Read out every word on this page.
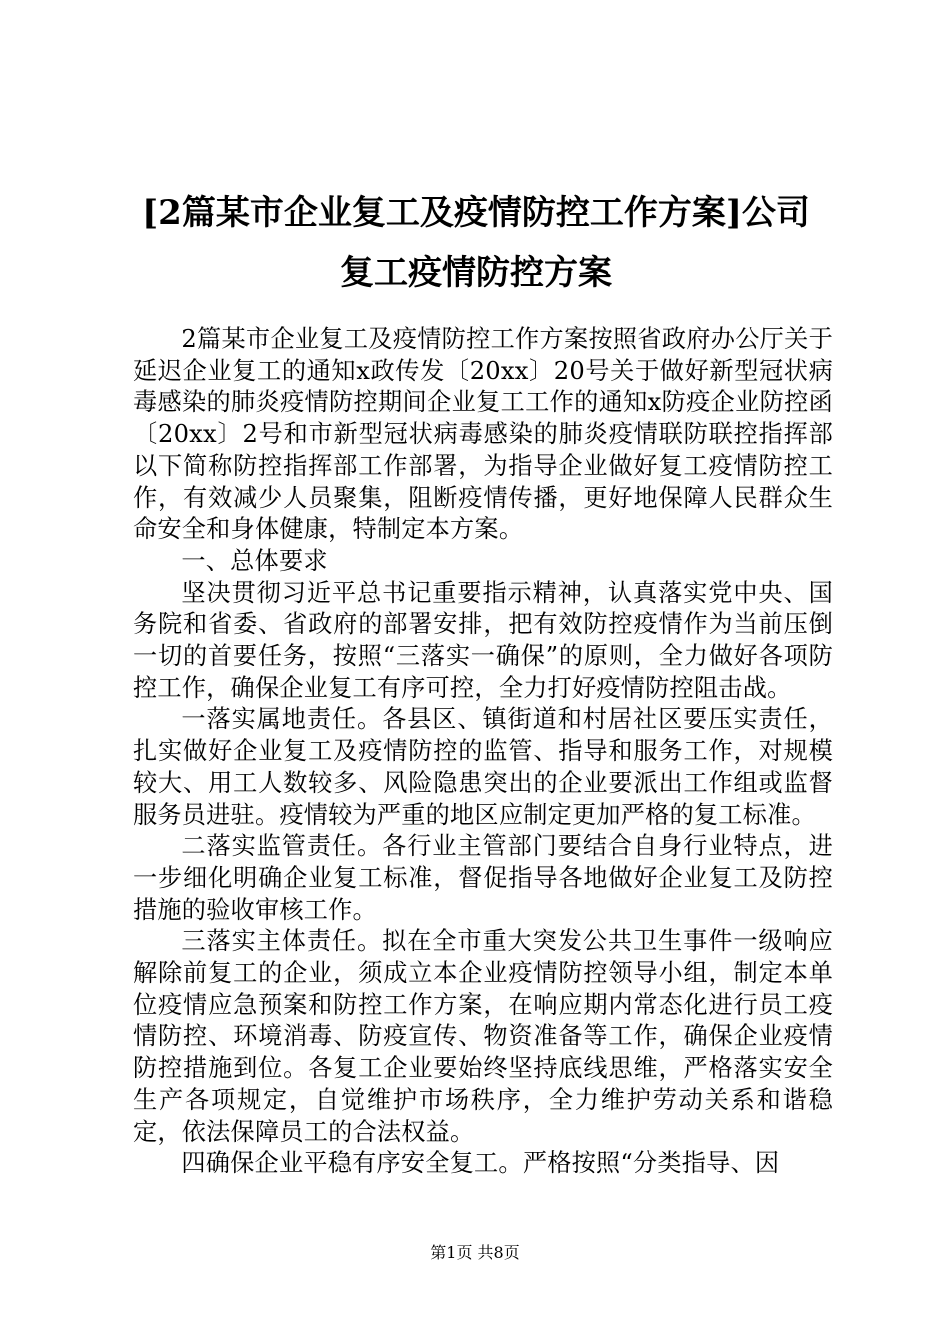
[2篇某市企业复工及疫情防控工作方案]公司
复工疫情防控方案

2篇某市企业复工及疫情防控工作方案按照省政府办公厅关于延迟企业复工的通知x政传发〔20xx〕20号关于做好新型冠状病毒感染的肺炎疫情防控期间企业复工工作的通知x防疫企业防控函〔20xx〕2号和市新型冠状病毒感染的肺炎疫情联防联控指挥部以下简称防控指挥部工作部署，为指导企业做好复工疫情防控工作，有效减少人员聚集，阻断疫情传播，更好地保障人民群众生命安全和身体健康，特制定本方案。

一、总体要求

坚决贯彻习近平总书记重要指示精神，认真落实党中央、国务院和省委、省政府的部署安排，把有效防控疫情作为当前压倒一切的首要任务，按照“三落实一确保”的原则，全力做好各项防控工作，确保企业复工有序可控，全力打好疫情防控阻击战。

一落实属地责任。各县区、镇街道和村居社区要压实责任，扎实做好企业复工及疫情防控的监管、指导和服务工作，对规模较大、用工人数较多、风险隐患突出的企业要派出工作组或监督服务员进驻。疫情较为严重的地区应制定更加严格的复工标准。

二落实监管责任。各行业主管部门要结合自身行业特点，进一步细化明确企业复工标准，督促指导各地做好企业复工及防控措施的验收审核工作。

三落实主体责任。拟在全市重大突发公共卫生事件一级响应解除前复工的企业，须成立本企业疫情防控领导小组，制定本单位疫情应急预案和防控工作方案，在响应期内常态化进行员工疫情防控、环境消毒、防疫宣传、物资准备等工作，确保企业疫情防控措施到位。各复工企业要始终坚持底线思维，严格落实安全生产各项规定，自觉维护市场秩序，全力维护劳动关系和谐稳定，依法保障员工的合法权益。

四确保企业平稳有序安全复工。严格按照“分类指导、因

第1页 共8页
